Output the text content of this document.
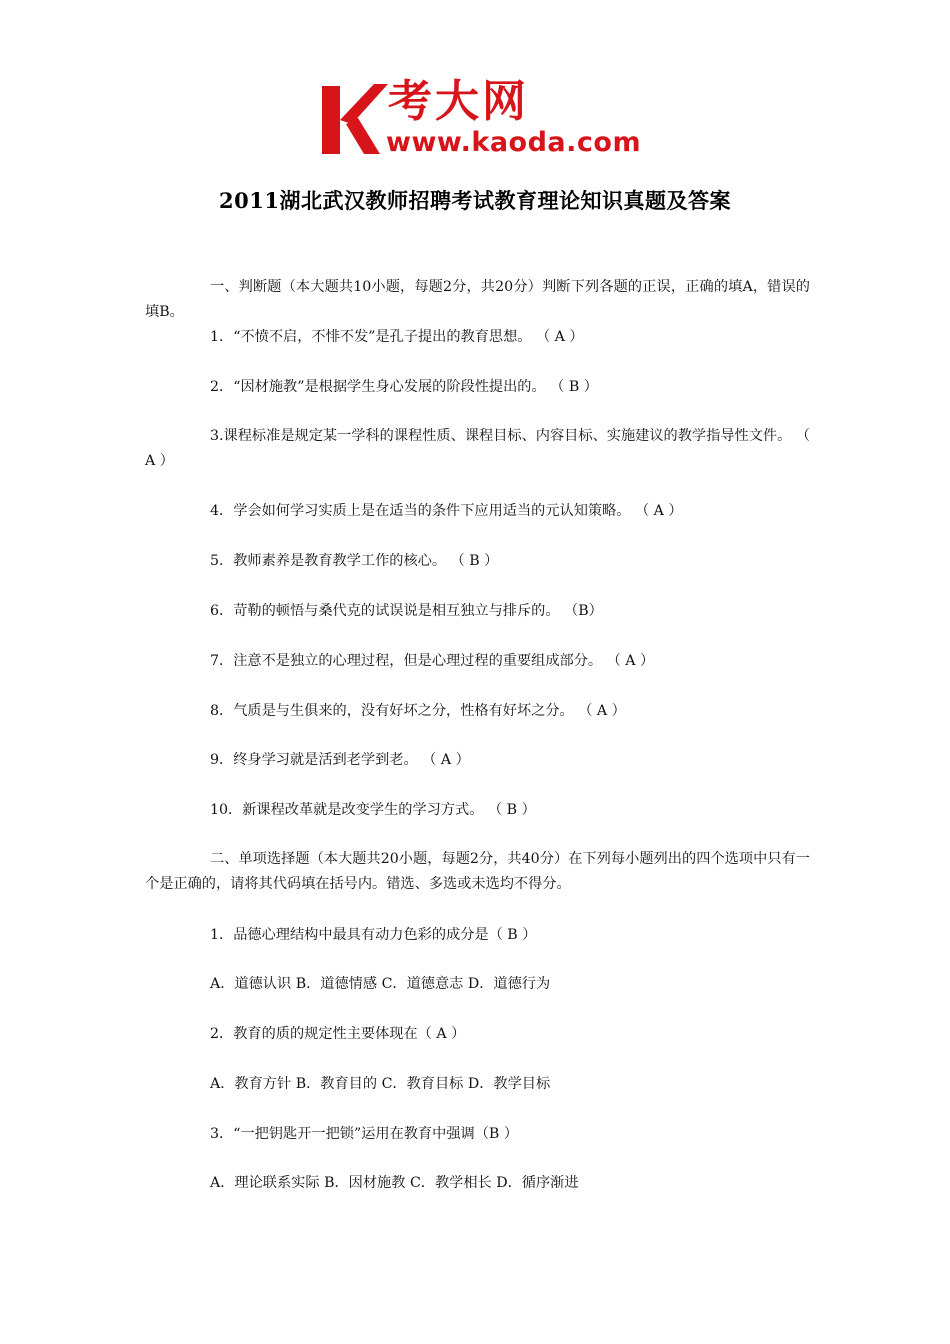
考大网
www.kaoda.com
2011湖北武汉教师招聘考试教育理论知识真题及答案
一、判断题（本大题共10小题，每题2分，共20分）判断下列各题的正误，正确的填A，错误的填B。
1．“不愤不启，不悱不发”是孔子提出的教育思想。 （ A ）
2．“因材施教”是根据学生身心发展的阶段性提出的。 （ B ）
3.课程标准是规定某一学科的课程性质、课程目标、内容目标、实施建议的教学指导性文件。 （ A ）
4．学会如何学习实质上是在适当的条件下应用适当的元认知策略。 （ A ）
5．教师素养是教育教学工作的核心。 （ B ）
6．苛勒的顿悟与桑代克的试误说是相互独立与排斥的。 （B）
7．注意不是独立的心理过程，但是心理过程的重要组成部分。 （ A ）
8．气质是与生俱来的，没有好坏之分，性格有好坏之分。 （ A ）
9．终身学习就是活到老学到老。 （ A ）
10．新课程改革就是改变学生的学习方式。 （ B ）
二、单项选择题（本大题共20小题，每题2分，共40分）在下列每小题列出的四个选项中只有一个是正确的，请将其代码填在括号内。错选、多选或未选均不得分。
1．品德心理结构中最具有动力色彩的成分是（ B ）
A．道德认识 B．道德情感 C．道德意志 D．道德行为
2．教育的质的规定性主要体现在（ A ）
A．教育方针 B．教育目的 C．教育目标 D．教学目标
3．“一把钥匙开一把锁”运用在教育中强调（B ）
A．理论联系实际 B．因材施教 C．教学相长 D．循序渐进
